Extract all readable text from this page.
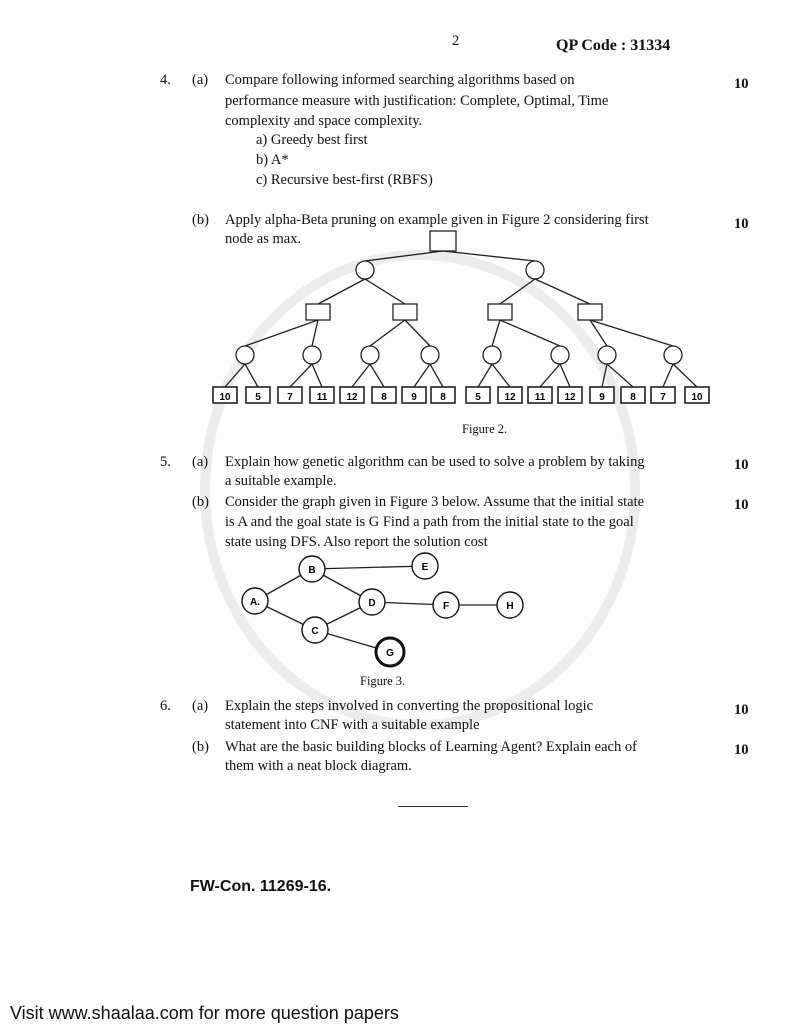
2	QP Code : 31334
4. (a) Compare following informed searching algorithms based on
performance measure with justification: Complete, Optimal, Time
complexity and space complexity.
a) Greedy best first
b) A*
c) Recursive best-first (RBFS)
10
(b) Apply alpha-Beta pruning on example given in Figure 2 considering first
node as max.
10
10 5	7 11 12 8 9 8	5 12 11 12 9	8 7	10
A.
B
C
D
E
F	H
G
Figure 2.
5. (a) Explain how genetic algorithm can be used to solve a problem by taking
a suitable example.
10
(b) Consider the graph given in Figure 3 below. Assume that the initial state
is A and the goal state is G Find a path from the initial state to the goal
state using DFS. Also report the solution cost
10
Figure 3.
6. (a) Explain the steps involved in converting the propositional logic
statement into CNF with a suitable example
10
(b) What are the basic building blocks of Learning Agent? Explain each of
them with a neat block diagram.
10
FW-Con. 11269-16.
Visit www.shaalaa.com for more question papers
